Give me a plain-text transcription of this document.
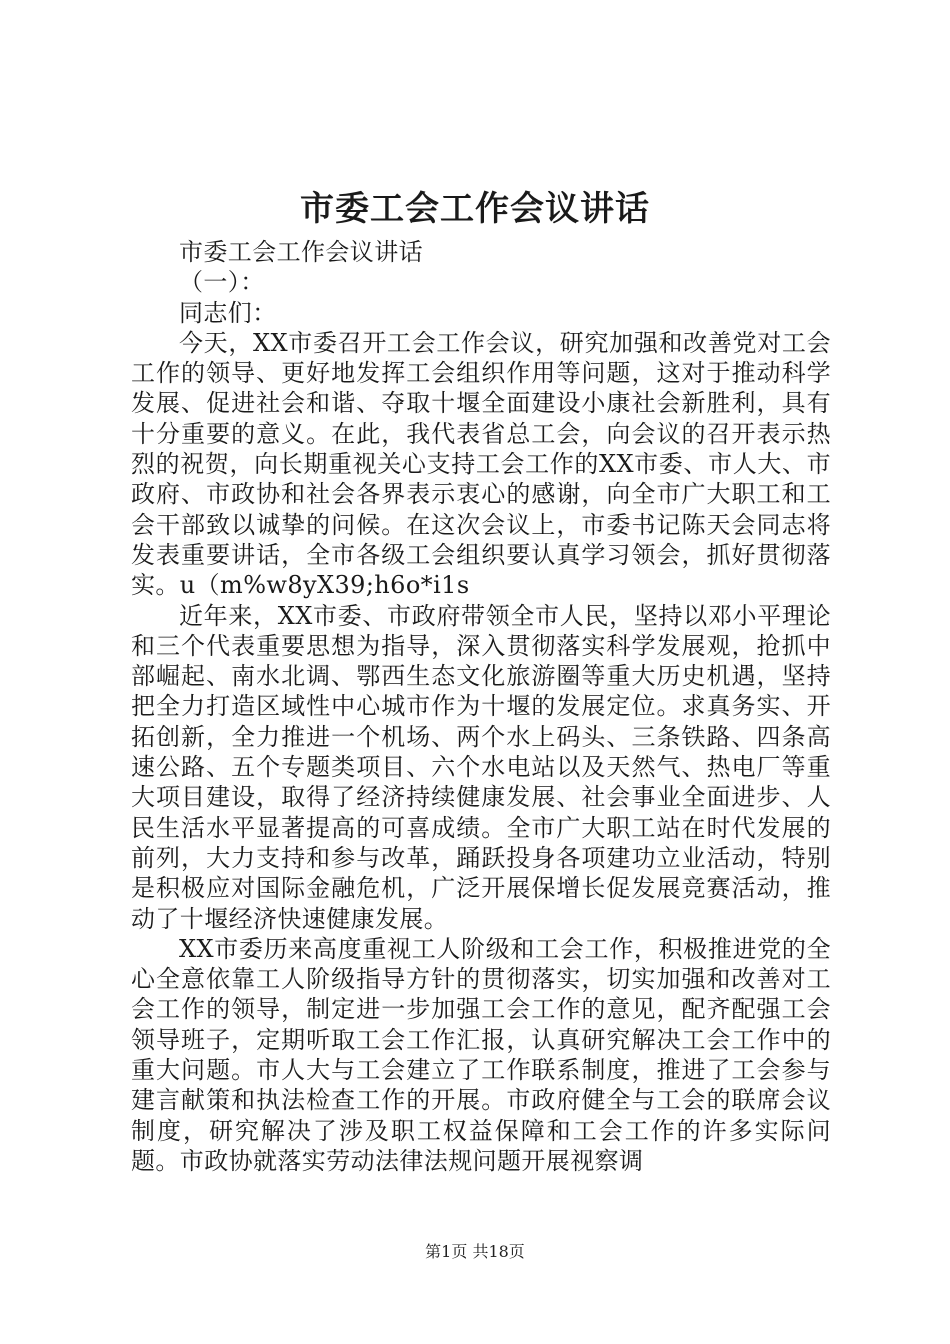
市委工会工作会议讲话

市委工会工作会议讲话

（一）：

同志们：

今天，XX市委召开工会工作会议，研究加强和改善党对工会工作的领导、更好地发挥工会组织作用等问题，这对于推动科学发展、促进社会和谐、夺取十堰全面建设小康社会新胜利，具有十分重要的意义。在此，我代表省总工会，向会议的召开表示热烈的祝贺，向长期重视关心支持工会工作的XX市委、市人大、市政府、市政协和社会各界表示衷心的感谢，向全市广大职工和工会干部致以诚挚的问候。在这次会议上，市委书记陈天会同志将发表重要讲话，全市各级工会组织要认真学习领会，抓好贯彻落实。u（m%w8yX39;h6o*i1s

近年来，XX市委、市政府带领全市人民，坚持以邓小平理论和三个代表重要思想为指导，深入贯彻落实科学发展观，抢抓中部崛起、南水北调、鄂西生态文化旅游圈等重大历史机遇，坚持把全力打造区域性中心城市作为十堰的发展定位。求真务实、开拓创新，全力推进一个机场、两个水上码头、三条铁路、四条高速公路、五个专题类项目、六个水电站以及天然气、热电厂等重大项目建设，取得了经济持续健康发展、社会事业全面进步、人民生活水平显著提高的可喜成绩。全市广大职工站在时代发展的前列，大力支持和参与改革，踊跃投身各项建功立业活动，特别是积极应对国际金融危机，广泛开展保增长促发展竞赛活动，推动了十堰经济快速健康发展。

XX市委历来高度重视工人阶级和工会工作，积极推进党的全心全意依靠工人阶级指导方针的贯彻落实，切实加强和改善对工会工作的领导，制定进一步加强工会工作的意见，配齐配强工会领导班子，定期听取工会工作汇报，认真研究解决工会工作中的重大问题。市人大与工会建立了工作联系制度，推进了工会参与建言献策和执法检查工作的开展。市政府健全与工会的联席会议制度，研究解决了涉及职工权益保障和工会工作的许多实际问题。市政协就落实劳动法律法规问题开展视察调

第1页 共18页
